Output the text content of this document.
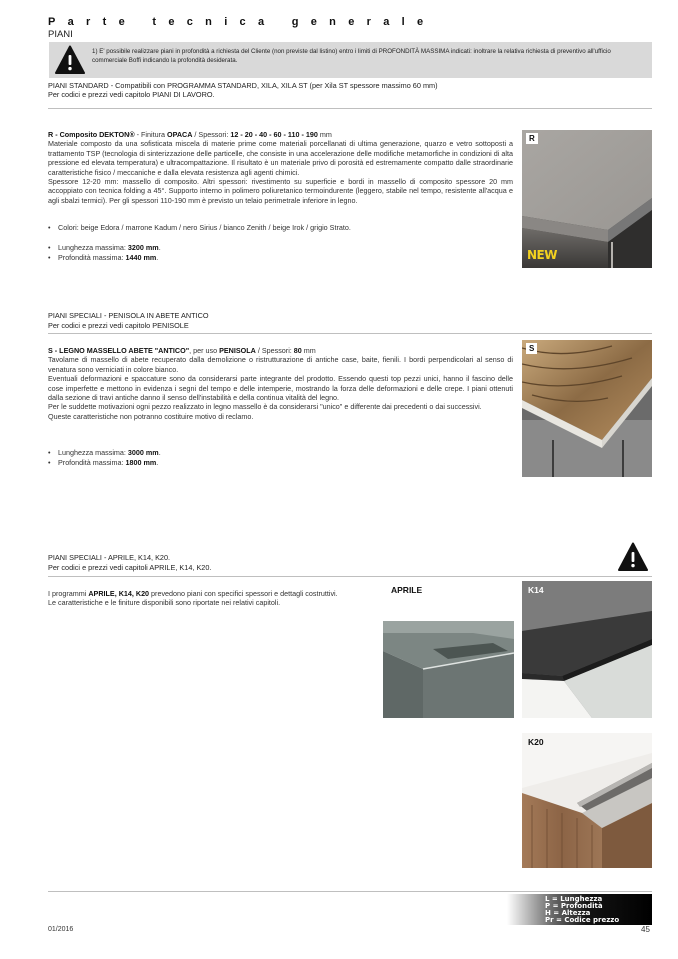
Parte tecnica generale
PIANI
1) E' possibile realizzare piani in profondità a richiesta del Cliente (non previste dal listino) entro i limiti di PROFONDITÀ MASSIMA indicati: inoltrare la relativa richiesta di preventivo all'ufficio commerciale Boffi indicando la profondità desiderata.
PIANI STANDARD - Compatibili con PROGRAMMA STANDARD, XILA, XILA ST (per Xila ST spessore massimo 60 mm)
Per codici e prezzi vedi capitolo PIANI DI LAVORO.

R - Composito DEKTON® - Finitura OPACA / Spessori: 12 - 20 - 40 - 60 - 110 - 190 mm

Materiale composto da una sofisticata miscela di materie prime come materiali porcellanati di ultima generazione, quarzo e vetro sottoposti a trattamento TSP (tecnologia di sinterizzazione delle particelle, che consiste in una accelerazione delle modifiche metamorfiche in condizioni di alta pressione ed elevata temperatura) e ultracompattazione. Il risultato è un materiale privo di porosità ed estremamente compatto dalle straordinarie caratteristiche fisico / meccaniche e dalla elevata resistenza agli agenti chimici.

Spessore 12-20 mm: massello di composito. Altri spessori: rivestimento su superficie e bordi in massello di composito spessore 20 mm accoppiato con tecnica folding a 45°. Supporto interno in polimero poliuretanico termoindurente (leggero, stabile nel tempo, resistente all'acqua e agli sbalzi termici). Per gli spessori 110-190 mm è previsto un telaio perimetrale inferiore in legno.

• Colori: beige Edora / marrone Kadum / nero Sirius / bianco Zenith / beige Irok / grigio Strato.
• Lunghezza massima: 3200 mm.
• Profondità massima: 1440 mm.
R
NEW
PIANI SPECIALI - PENISOLA IN ABETE ANTICO
Per codici e prezzi vedi capitolo PENISOLE

S - LEGNO MASSELLO ABETE "ANTICO", per uso PENISOLA / Spessori: 80 mm

Tavolame di massello di abete recuperato dalla demolizione o ristrutturazione di antiche case, baite, fienili. I bordi perpendicolari al senso di venatura sono verniciati in colore bianco.

Eventuali deformazioni e spaccature sono da considerarsi parte integrante del prodotto. Essendo questi top pezzi unici, hanno il fascino delle cose imperfette e mettono in evidenza i segni del tempo e delle intemperie, mostrando la forza delle deformazioni e delle crepe. I piani ottenuti dalla sezione di travi antiche danno il senso dell'instabilità e della continua vitalità del legno.

Per le suddette motivazioni ogni pezzo realizzato in legno massello è da considerarsi "unico" e differente dai precedenti o dai successivi.

Queste caratteristiche non potranno costituire motivo di reclamo.

• Lunghezza massima: 3000 mm.
• Profondità massima: 1800 mm.
S
PIANI SPECIALI - APRILE, K14, K20.
Per codici e prezzi vedi capitoli APRILE, K14, K20.

I programmi APRILE, K14, K20 prevedono piani con specifici spessori e dettagli costruttivi.

Le caratteristiche e le finiture disponibili sono riportate nei relativi capitoli.

APRILE	K14
K20
L = Lunghezza
P = Profondità
H = Altezza
Pr = Codice prezzo
01/2016	45
